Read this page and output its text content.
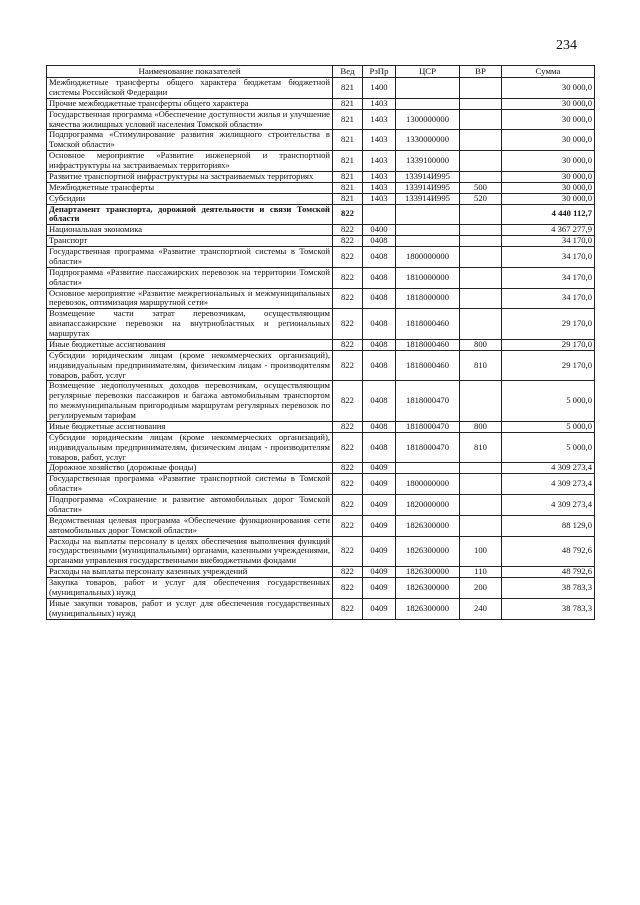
234
Наименование показателей	Вед	РзПр	ЦСР	ВР	Сумма
Межбюджетные трансферты общего характера бюджетам бюджетной системы Российской Федерации	821	1400			30 000,0
Прочие межбюджетные трансферты общего характера	821	1403			30 000,0
Государственная программа «Обеспечение доступности жилья и улучшение качества жилищных условий населения Томской области»	821	1403	1300000000		30 000,0
Подпрограмма «Стимулирование развития жилищного строительства в Томской области»	821	1403	1330000000		30 000,0
Основное мероприятие «Развитие инженерной и транспортной инфраструктуры на застраиваемых территориях»	821	1403	1339100000		30 000,0
Развитие транспортной инфраструктуры на застраиваемых территориях	821	1403	133914И995		30 000,0
Межбюджетные трансферты	821	1403	133914И995	500	30 000,0
Субсидии	821	1403	133914И995	520	30 000,0
Департамент транспорта, дорожной деятельности и связи Томской области	822				4 440 112,7
Национальная экономика	822	0400			4 367 277,9
Транспорт	822	0408			34 170,0
Государственная программа «Развитие транспортной системы в Томской области»	822	0408	1800000000		34 170,0
Подпрограмма «Развитие пассажирских перевозок на территории Томской области»	822	0408	1810000000		34 170,0
Основное мероприятие «Развитие межрегиональных и межмуниципальных перевозок, оптимизация маршрутной сети»	822	0408	1818000000		34 170,0
Возмещение части затрат перевозчикам, осуществляющим авиапассажирские перевозки на внутриобластных и региональных маршрутах	822	0408	1818000460		29 170,0
Иные бюджетные ассигнования	822	0408	1818000460	800	29 170,0
Субсидии юридическим лицам (кроме некоммерческих организаций), индивидуальным предпринимателям, физическим лицам - производителям товаров, работ, услуг	822	0408	1818000460	810	29 170,0
Возмещение недополученных доходов перевозчикам, осуществляющим регулярные перевозки пассажиров и багажа автомобильным транспортом по межмуниципальным пригородным маршрутам регулярных перевозок по регулируемым тарифам	822	0408	1818000470		5 000,0
Иные бюджетные ассигнования	822	0408	1818000470	800	5 000,0
Субсидии юридическим лицам (кроме некоммерческих организаций), индивидуальным предпринимателям, физическим лицам - производителям товаров, работ, услуг	822	0408	1818000470	810	5 000,0
Дорожное хозяйство (дорожные фонды)	822	0409			4 309 273,4
Государственная программа «Развитие транспортной системы в Томской области»	822	0409	1800000000		4 309 273,4
Подпрограмма «Сохранение и развитие автомобильных дорог Томской области»	822	0409	1820000000		4 309 273,4
Ведомственная целевая программа «Обеспечение функционирования сети автомобильных дорог Томской области»	822	0409	1826300000		88 129,0
Расходы на выплаты персоналу в целях обеспечения выполнения функций государственными (муниципальными) органами, казенными учреждениями, органами управления государственными внебюджетными фондами	822	0409	1826300000	100	48 792,6
Расходы на выплаты персоналу казенных учреждений	822	0409	1826300000	110	48 792,6
Закупка товаров, работ и услуг для обеспечения государственных (муниципальных) нужд	822	0409	1826300000	200	38 783,3
Иные закупки товаров, работ и услуг для обеспечения государственных (муниципальных) нужд	822	0409	1826300000	240	38 783,3
